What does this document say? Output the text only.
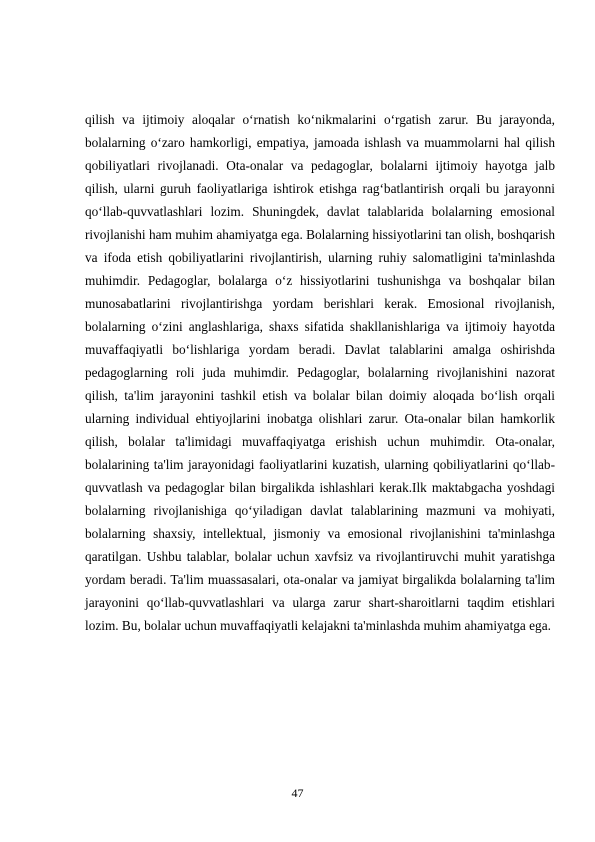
qilish va ijtimoiy aloqalar o‘rnatish ko‘nikmalarini o‘rgatish zarur. Bu jarayonda, bolalarning o‘zaro hamkorligi, empatiya, jamoada ishlash va muammolarni hal qilish qobiliyatlari rivojlanadi. Ota-onalar va pedagoglar, bolalarni ijtimoiy hayotga jalb qilish, ularni guruh faoliyatlariga ishtirok etishga rag‘batlantirish orqali bu jarayonni qo‘llab-quvvatlashlari lozim. Shuningdek, davlat talablarida bolalarning emosional rivojlanishi ham muhim ahamiyatga ega. Bolalarning hissiyotlarini tan olish, boshqarish va ifoda etish qobiliyatlarini rivojlantirish, ularning ruhiy salomatligini ta'minlashda muhimdir. Pedagoglar, bolalarga o‘z hissiyotlarini tushunishga va boshqalar bilan munosabatlarini rivojlantirishga yordam berishlari kerak. Emosional rivojlanish, bolalarning o‘zini anglashlariga, shaxs sifatida shakllanishlariga va ijtimoiy hayotda muvaffaqiyatli bo‘lishlariga yordam beradi. Davlat talablarini amalga oshirishda pedagoglarning roli juda muhimdir. Pedagoglar, bolalarning rivojlanishini nazorat qilish, ta'lim jarayonini tashkil etish va bolalar bilan doimiy aloqada bo‘lish orqali ularning individual ehtiyojlarini inobatga olishlari zarur. Ota-onalar bilan hamkorlik qilish, bolalar ta'limidagi muvaffaqiyatga erishish uchun muhimdir. Ota-onalar, bolalarining ta'lim jarayonidagi faoliyatlarini kuzatish, ularning qobiliyatlarini qo‘llab-quvvatlash va pedagoglar bilan birgalikda ishlashlari kerak.Ilk maktabgacha yoshdagi bolalarning rivojlanishiga qo‘yiladigan davlat talablarining mazmuni va mohiyati, bolalarning shaxsiy, intellektual, jismoniy va emosional rivojlanishini ta'minlashga qaratilgan. Ushbu talablar, bolalar uchun xavfsiz va rivojlantiruvchi muhit yaratishga yordam beradi. Ta'lim muassasalari, ota-onalar va jamiyat birgalikda bolalarning ta'lim jarayonini qo‘llab-quvvatlashlari va ularga zarur shart-sharoitlarni taqdim etishlari lozim. Bu, bolalar uchun muvaffaqiyatli kelajakni ta'minlashda muhim ahamiyatga ega.

47
